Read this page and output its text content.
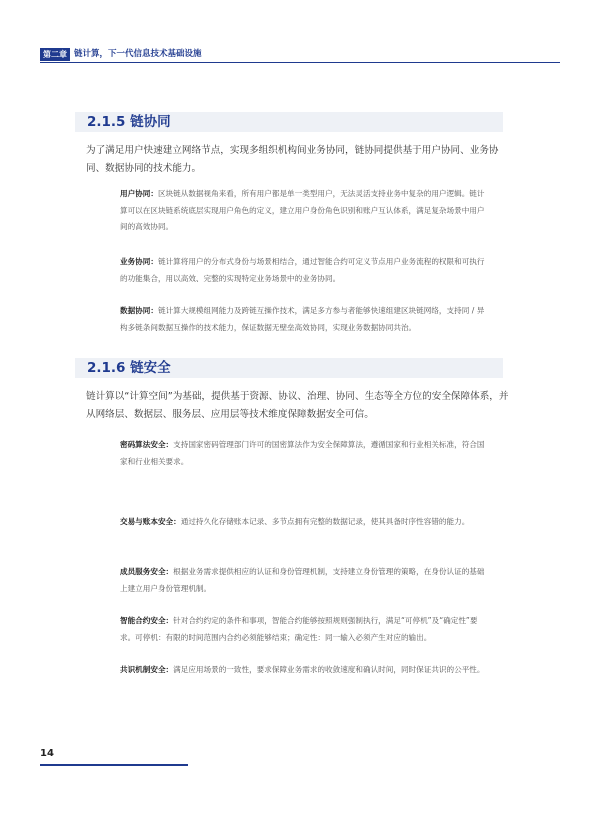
第二章 链计算，下一代信息技术基础设施
2.1.5 链协同
为了满足用户快速建立网络节点，实现多组织机构间业务协同，链协同提供基于用户协同、业务协同、数据协同的技术能力。
用户协同：区块链从数据视角来看，所有用户都是单一类型用户，无法灵活支持业务中复杂的用户逻辑。链计算可以在区块链系统底层实现用户角色的定义，建立用户身份角色识别和账户互认体系，满足复杂场景中用户间的高效协同。
业务协同：链计算将用户的分布式身份与场景相结合，通过智能合约可定义节点用户业务流程的权限和可执行的功能集合，用以高效、完整的实现特定业务场景中的业务协同。
数据协同：链计算大规模组网能力及跨链互操作技术，满足多方参与者能够快速组建区块链网络，支持同 / 异构多链条间数据互操作的技术能力，保证数据无壁垒高效协同，实现业务数据协同共治。
2.1.6 链安全
链计算以“计算空间”为基础，提供基于资源、协议、治理、协同、生态等全方位的安全保障体系，并从网络层、数据层、服务层、应用层等技术维度保障数据安全可信。
密码算法安全：支持国家密码管理部门许可的国密算法作为安全保障算法，遵循国家和行业相关标准，符合国家和行业相关要求。
交易与账本安全：通过持久化存储账本记录、多节点拥有完整的数据记录，使其具备时序性容错的能力。
成员服务安全：根据业务需求提供相应的认证和身份管理机制，支持建立身份管理的策略，在身份认证的基础上建立用户身份管理机制。
智能合约安全：针对合约约定的条件和事项，智能合约能够按照规则强制执行，满足“可停机”及“确定性”要求。可停机：有限的时间范围内合约必须能够结束；确定性：同一输入必须产生对应的输出。
共识机制安全：满足应用场景的一致性，要求保障业务需求的收敛速度和确认时间，同时保证共识的公平性。
14
